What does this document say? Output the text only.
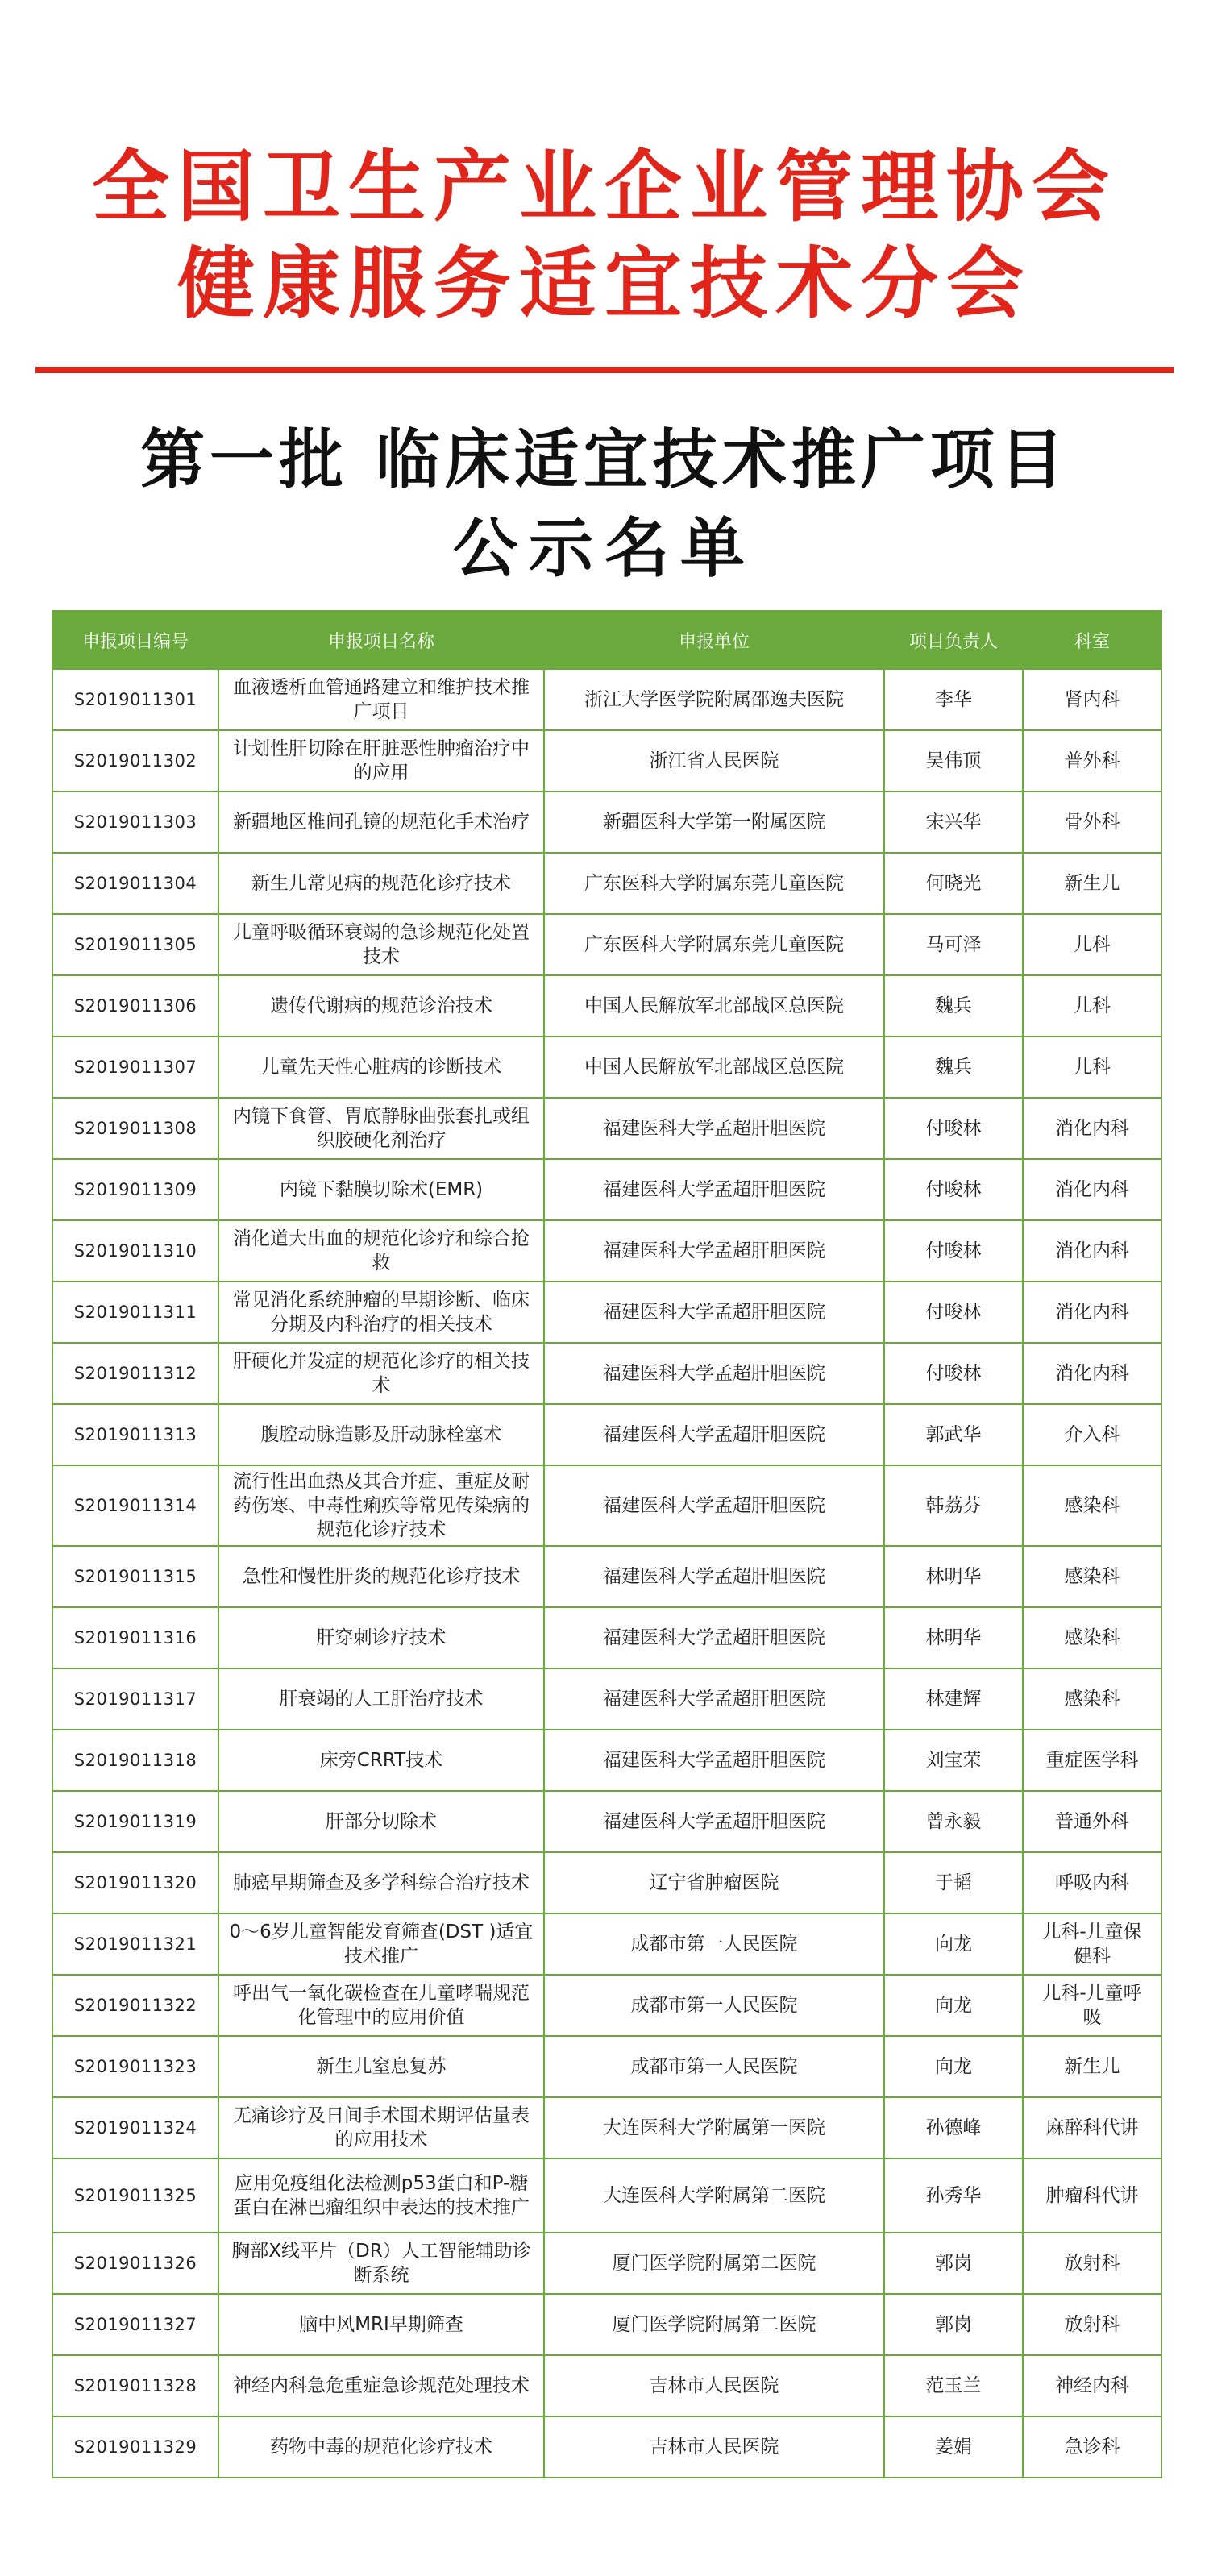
全国卫生产业企业管理协会
健康服务适宜技术分会
第一批 临床适宜技术推广项目
公示名单
申报项目编号	申报项目名称	申报单位	项目负责人	科室
S2019011301	血液透析血管通路建立和维护技术推广项目	浙江大学医学院附属邵逸夫医院	李华	肾内科
S2019011302	计划性肝切除在肝脏恶性肿瘤治疗中的应用	浙江省人民医院	吴伟顶	普外科
S2019011303	新疆地区椎间孔镜的规范化手术治疗	新疆医科大学第一附属医院	宋兴华	骨外科
S2019011304	新生儿常见病的规范化诊疗技术	广东医科大学附属东莞儿童医院	何晓光	新生儿
S2019011305	儿童呼吸循环衰竭的急诊规范化处置技术	广东医科大学附属东莞儿童医院	马可泽	儿科
S2019011306	遗传代谢病的规范诊治技术	中国人民解放军北部战区总医院	魏兵	儿科
S2019011307	儿童先天性心脏病的诊断技术	中国人民解放军北部战区总医院	魏兵	儿科
S2019011308	内镜下食管、胃底静脉曲张套扎或组织胶硬化剂治疗	福建医科大学孟超肝胆医院	付唆林	消化内科
S2019011309	内镜下黏膜切除术(EMR)	福建医科大学孟超肝胆医院	付唆林	消化内科
S2019011310	消化道大出血的规范化诊疗和综合抢救	福建医科大学孟超肝胆医院	付唆林	消化内科
S2019011311	常见消化系统肿瘤的早期诊断、临床分期及内科治疗的相关技术	福建医科大学孟超肝胆医院	付唆林	消化内科
S2019011312	肝硬化并发症的规范化诊疗的相关技术	福建医科大学孟超肝胆医院	付唆林	消化内科
S2019011313	腹腔动脉造影及肝动脉栓塞术	福建医科大学孟超肝胆医院	郭武华	介入科
S2019011314	流行性出血热及其合并症、重症及耐药伤寒、中毒性痢疾等常见传染病的规范化诊疗技术	福建医科大学孟超肝胆医院	韩荔芬	感染科
S2019011315	急性和慢性肝炎的规范化诊疗技术	福建医科大学孟超肝胆医院	林明华	感染科
S2019011316	肝穿刺诊疗技术	福建医科大学孟超肝胆医院	林明华	感染科
S2019011317	肝衰竭的人工肝治疗技术	福建医科大学孟超肝胆医院	林建辉	感染科
S2019011318	床旁CRRT技术	福建医科大学孟超肝胆医院	刘宝荣	重症医学科
S2019011319	肝部分切除术	福建医科大学孟超肝胆医院	曾永毅	普通外科
S2019011320	肺癌早期筛查及多学科综合治疗技术	辽宁省肿瘤医院	于韬	呼吸内科
S2019011321	0～6岁儿童智能发育筛查(DST )适宜技术推广	成都市第一人民医院	向龙	儿科-儿童保健科
S2019011322	呼出气一氧化碳检查在儿童哮喘规范化管理中的应用价值	成都市第一人民医院	向龙	儿科-儿童呼吸
S2019011323	新生儿窒息复苏	成都市第一人民医院	向龙	新生儿
S2019011324	无痛诊疗及日间手术围术期评估量表的应用技术	大连医科大学附属第一医院	孙德峰	麻醉科代讲
S2019011325	应用免疫组化法检测p53蛋白和P-糖蛋白在淋巴瘤组织中表达的技术推广	大连医科大学附属第二医院	孙秀华	肿瘤科代讲
S2019011326	胸部X线平片（DR）人工智能辅助诊断系统	厦门医学院附属第二医院	郭岗	放射科
S2019011327	脑中风MRI早期筛查	厦门医学院附属第二医院	郭岗	放射科
S2019011328	神经内科急危重症急诊规范处理技术	吉林市人民医院	范玉兰	神经内科
S2019011329	药物中毒的规范化诊疗技术	吉林市人民医院	姜娟	急诊科
